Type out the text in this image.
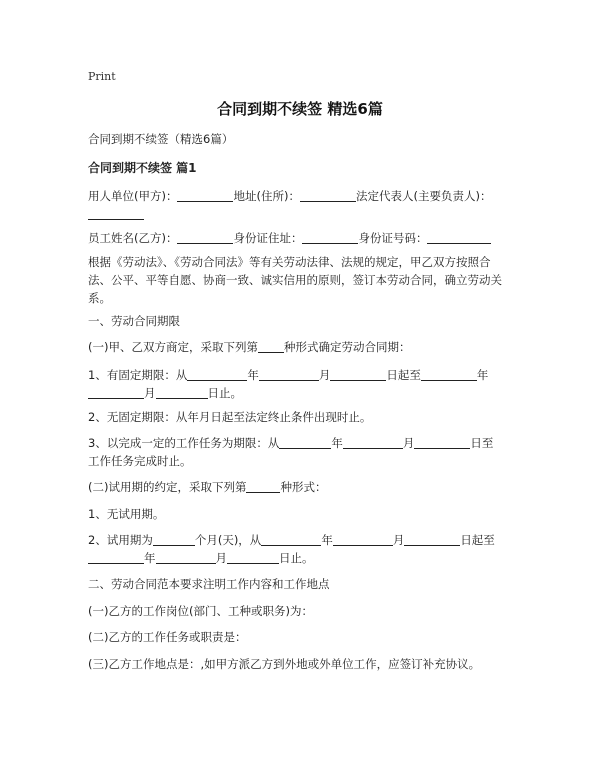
Print
合同到期不续签 精选6篇
合同到期不续签（精选6篇）
合同到期不续签 篇1
用人单位(甲方)：	地址(住所)：	法定代表人(主要负责人)：
员工姓名(乙方)：	身份证住址：	身份证号码：
根据《劳动法》、《劳动合同法》等有关劳动法律、法规的规定，甲乙双方按照合法、公平、平等自愿、协商一致、诚实信用的原则，签订本劳动合同，确立劳动关系。
一、劳动合同期限
(一)甲、乙双方商定，采取下列第 种形式确定劳动合同期：
1、有固定期限：从	年	月	日起至	年
月	日止。
2、无固定期限：从年月日起至法定终止条件出现时止。
3、以完成一定的工作任务为期限：从	年	月	日至
工作任务完成时止。
(二)试用期的约定，采取下列第	种形式：
1、无试用期。
2、试用期为	个月(天)，从	年	月	日起至
年	月	日止。
二、劳动合同范本要求注明工作内容和工作地点
(一)乙方的工作岗位(部门、工种或职务)为：
(二)乙方的工作任务或职责是：
(三)乙方工作地点是：,如甲方派乙方到外地或外单位工作，应签订补充协议。
